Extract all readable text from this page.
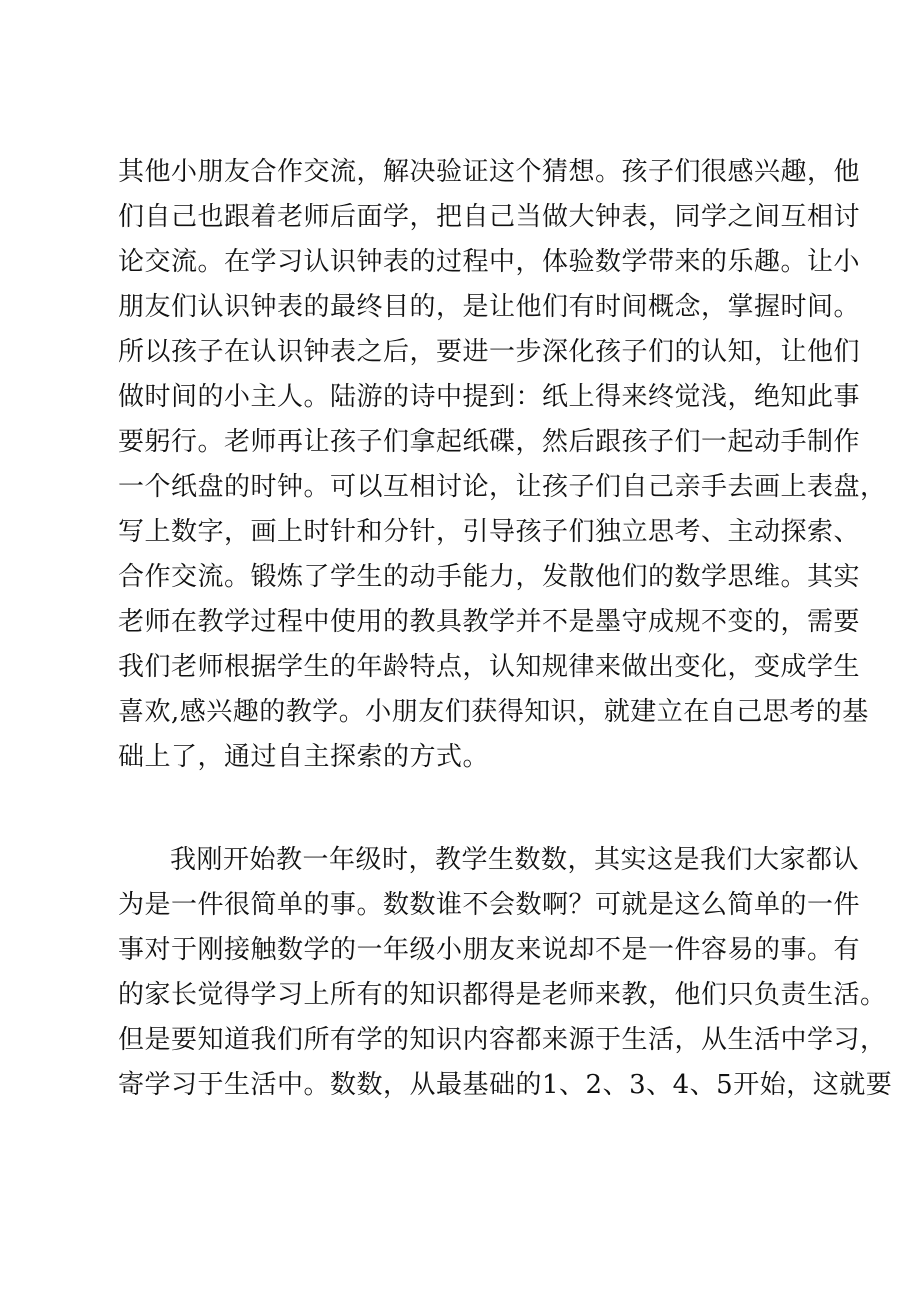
其他小朋友合作交流，解决验证这个猜想。孩子们很感兴趣，他
们自己也跟着老师后面学，把自己当做大钟表，同学之间互相讨
论交流。在学习认识钟表的过程中，体验数学带来的乐趣。让小
朋友们认识钟表的最终目的，是让他们有时间概念，掌握时间。
所以孩子在认识钟表之后，要进一步深化孩子们的认知，让他们
做时间的小主人。陆游的诗中提到：纸上得来终觉浅，绝知此事
要躬行。老师再让孩子们拿起纸碟，然后跟孩子们一起动手制作
一个纸盘的时钟。可以互相讨论，让孩子们自己亲手去画上表盘，
写上数字，画上时针和分针，引导孩子们独立思考、主动探索、
合作交流。锻炼了学生的动手能力，发散他们的数学思维。其实
老师在教学过程中使用的教具教学并不是墨守成规不变的，需要
我们老师根据学生的年龄特点，认知规律来做出变化，变成学生
喜欢,感兴趣的教学。小朋友们获得知识，就建立在自己思考的基
础上了，通过自主探索的方式。
我刚开始教一年级时，教学生数数，其实这是我们大家都认
为是一件很简单的事。数数谁不会数啊？可就是这么简单的一件
事对于刚接触数学的一年级小朋友来说却不是一件容易的事。有
的家长觉得学习上所有的知识都得是老师来教，他们只负责生活。
但是要知道我们所有学的知识内容都来源于生活，从生活中学习，
寄学习于生活中。数数，从最基础的1、2、3、4、5开始，这就要
